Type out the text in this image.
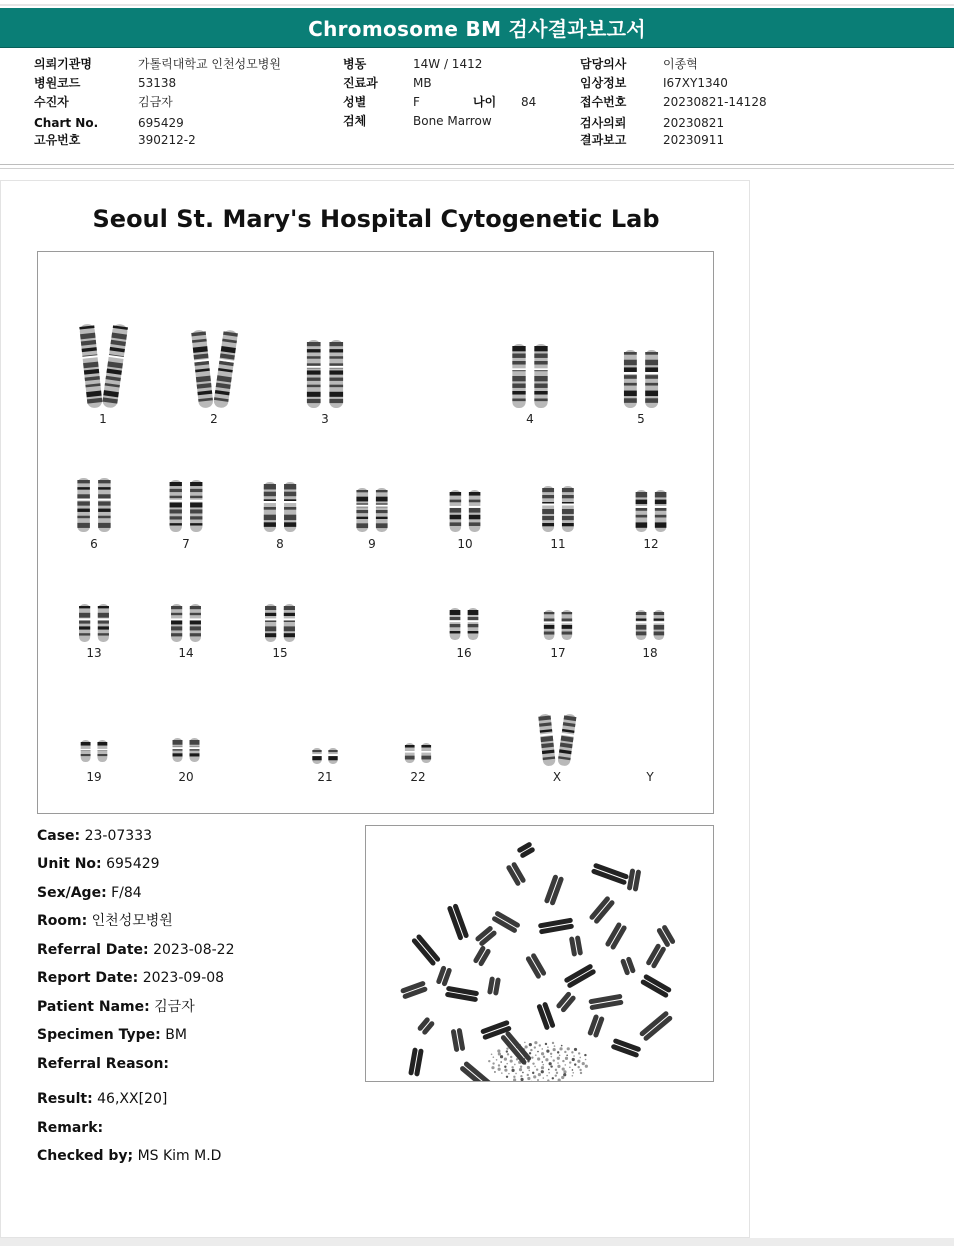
Chromosome BM 검사결과보고서
의뢰기관명	가톨릭대학교 인천성모병원
병원코드	53138
수진자	김금자
Chart No.	695429
고유번호	390212-2
병동	14W / 1412
진료과	MB
성별	F	나이 84
검체	Bone Marrow
담당의사	이종혁
임상정보	I67XY1340
접수번호	20230821-14128
검사의뢰	20230821
결과보고	20230911
Seoul St. Mary's Hospital Cytogenetic Lab
1	2	3	4	5
6	7	8	9	10	11	12
13	14	15	16	17	18
19	20	21	22	X	Y
Case: 23-07333
Unit No: 695429
Sex/Age: F/84
Room: 인천성모병원
Referral Date: 2023-08-22
Report Date: 2023-09-08
Patient Name: 김금자
Specimen Type: BM
Referral Reason:
Result: 46,XX[20]
Remark:
Checked by; MS Kim M.D
